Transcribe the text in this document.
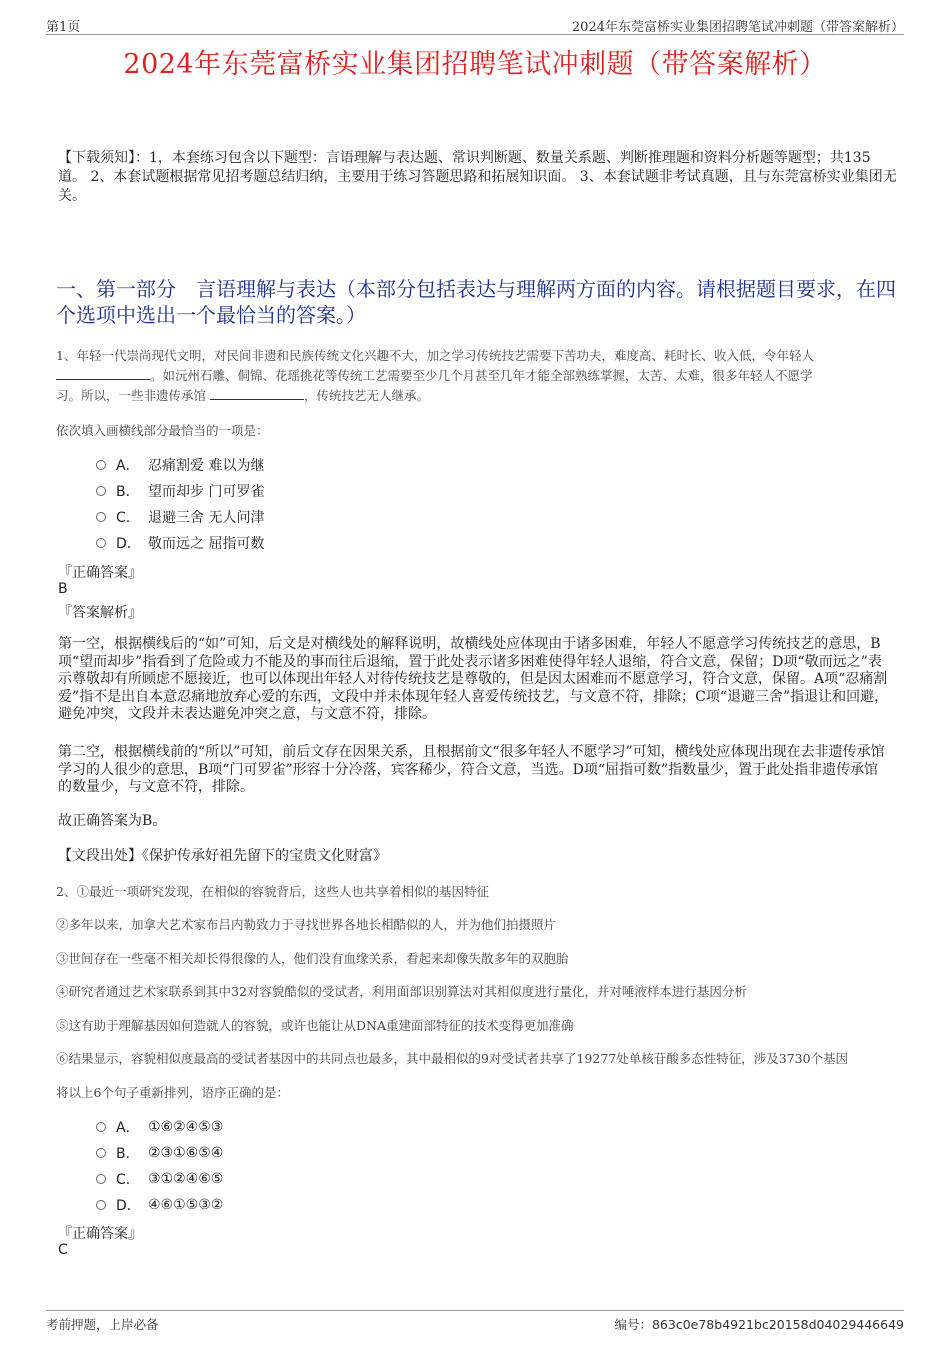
第1页	2024年东莞富桥实业集团招聘笔试冲刺题（带答案解析）
2024年东莞富桥实业集团招聘笔试冲刺题（带答案解析）
【下载须知】：1，本套练习包含以下题型：言语理解与表达题、常识判断题、数量关系题、判断推理题和资料分析题等题型；共135道。 2、本套试题根据常见招考题总结归纳，主要用于练习答题思路和拓展知识面。 3、本套试题非考试真题，且与东莞富桥实业集团无关。
一、第一部分　言语理解与表达（本部分包括表达与理解两方面的内容。请根据题目要求，在四个选项中选出一个最恰当的答案。）
1、年轻一代崇尚现代文明，对民间非遗和民族传统文化兴趣不大，加之学习传统技艺需要下苦功夫，难度高、耗时长、收入低，令年轻人
。如沅州石雕、侗锦、花瑶挑花等传统工艺需要至少几个月甚至几年才能全部熟练掌握，太苦、太难，很多年轻人不愿学
习。所以，一些非遗传承馆	，传统技艺无人继承。
依次填入画横线部分最恰当的一项是：
A． 忍痛割爱 难以为继
B． 望而却步 门可罗雀
C． 退避三舍 无人问津
D． 敬而远之 屈指可数
『正确答案』
B
『答案解析』
第一空，根据横线后的“如”可知，后文是对横线处的解释说明，故横线处应体现由于诸多困难，年轻人不愿意学习传统技艺的意思，B项“望而却步”指看到了危险或力不能及的事而往后退缩，置于此处表示诸多困难使得年轻人退缩，符合文意，保留；D项“敬而远之”表示尊敬却有所顾虑不愿接近，也可以体现出年轻人对待传统技艺是尊敬的，但是因太困难而不愿意学习，符合文意，保留。A项“忍痛割爱”指不是出自本意忍痛地放弃心爱的东西，文段中并未体现年轻人喜爱传统技艺，与文意不符，排除；C项“退避三舍”指退让和回避，避免冲突，文段并未表达避免冲突之意，与文意不符，排除。
第二空，根据横线前的“所以”可知，前后文存在因果关系，且根据前文“很多年轻人不愿学习”可知，横线处应体现出现在去非遗传承馆学习的人很少的意思，B项“门可罗雀”形容十分冷落，宾客稀少，符合文意，当选。D项“屈指可数”指数量少，置于此处指非遗传承馆的数量少，与文意不符，排除。
故正确答案为B。
【文段出处】《保护传承好祖先留下的宝贵文化财富》
2、①最近一项研究发现，在相似的容貌背后，这些人也共享着相似的基因特征
②多年以来，加拿大艺术家布吕内勒致力于寻找世界各地长相酷似的人，并为他们拍摄照片
③世间存在一些毫不相关却长得很像的人，他们没有血缘关系，看起来却像失散多年的双胞胎
④研究者通过艺术家联系到其中32对容貌酷似的受试者，利用面部识别算法对其相似度进行量化，并对唾液样本进行基因分析
⑤这有助于理解基因如何造就人的容貌，或许也能让从DNA重建面部特征的技术变得更加准确
⑥结果显示，容貌相似度最高的受试者基因中的共同点也最多，其中最相似的9对受试者共享了19277处单核苷酸多态性特征，涉及3730个基因
将以上6个句子重新排列，语序正确的是：
A． ①⑥②④⑤③
B． ②③①⑥⑤④
C． ③①②④⑥⑤
D． ④⑥①⑤③②
『正确答案』
C
考前押题，上岸必备	编号：863c0e78b4921bc20158d04029446649
